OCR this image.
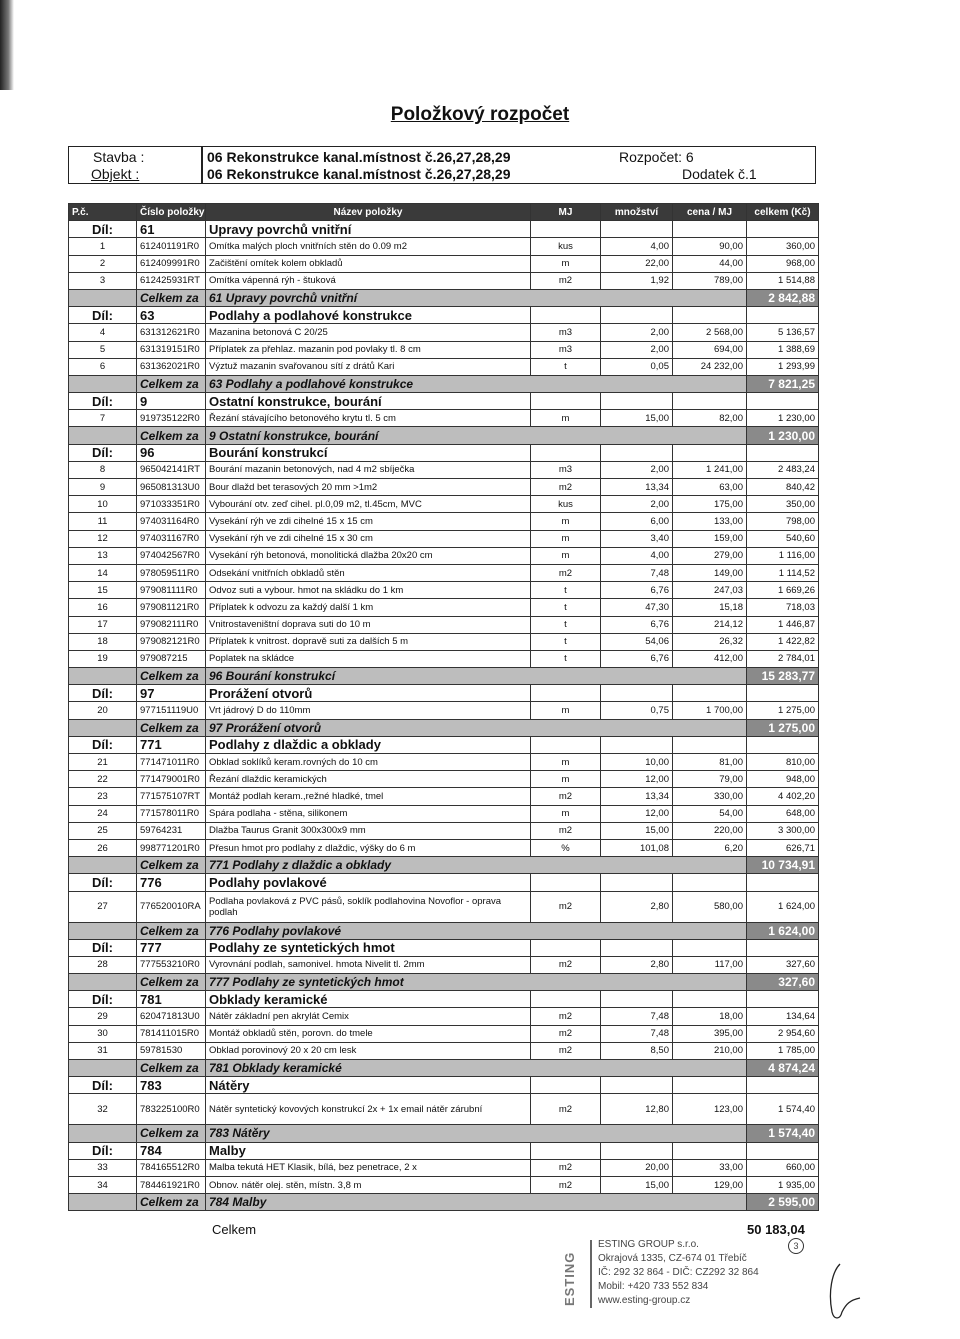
Položkový rozpočet
Stavba :	06 Rekonstrukce kanal.místnost č.26,27,28,29
Objekt :	06 Rekonstrukce kanal.místnost č.26,27,28,29
Rozpočet: 6
Dodatek č.1
P.č.	Číslo položky	Název položky	MJ	množství	cena / MJ	celkem (Kč)
Díl:	61	Upravy povrchů vnitřní				
1	612401191R0	Omítka malých ploch vnitřních stěn do 0.09 m2	kus	4,00	90,00	360,00
2	612409991R0	Začištění omítek kolem obkladů	m	22,00	44,00	968,00
3	612425931RT	Omítka vápenná rýh - štuková	m2	1,92	789,00	1 514,88
	Celkem za	61 Upravy povrchů vnitřní				2 842,88
Díl:	63	Podlahy a podlahové konstrukce				
4	631312621R0	Mazanina betonová C 20/25	m3	2,00	2 568,00	5 136,57
5	631319151R0	Příplatek za přehlaz. mazanin pod povlaky tl. 8 cm	m3	2,00	694,00	1 388,69
6	631362021R0	Výztuž mazanin svařovanou sítí z drátů Kari	t	0,05	24 232,00	1 293,99
	Celkem za	63 Podlahy a podlahové konstrukce				7 821,25
Díl:	9	Ostatní konstrukce, bourání				
7	919735122R0	Řezání stávajícího betonového krytu tl. 5 cm	m	15,00	82,00	1 230,00
	Celkem za	9 Ostatní konstrukce, bourání				1 230,00
Díl:	96	Bourání konstrukcí				
8	965042141RT	Bourání mazanin betonových, nad 4 m2 sbíječka	m3	2,00	1 241,00	2 483,24
9	965081313U0	Bour dlažd bet terasových 20 mm >1m2	m2	13,34	63,00	840,42
10	971033351R0	Vybourání otv. zeď cihel. pl.0,09 m2, tl.45cm, MVC	kus	2,00	175,00	350,00
11	974031164R0	Vysekání rýh ve zdi cihelné 15 x 15 cm	m	6,00	133,00	798,00
12	974031167R0	Vysekání rýh ve zdi cihelné 15 x 30 cm	m	3,40	159,00	540,60
13	974042567R0	Vysekání rýh betonová, monolitická dlažba 20x20 cm	m	4,00	279,00	1 116,00
14	978059511R0	Odsekání vnitřních obkladů stěn	m2	7,48	149,00	1 114,52
15	979081111R0	Odvoz suti a vybour. hmot na skládku do 1 km	t	6,76	247,03	1 669,26
16	979081121R0	Příplatek k odvozu za každý další 1 km	t	47,30	15,18	718,03
17	979082111R0	Vnitrostaveništní doprava suti do 10 m	t	6,76	214,12	1 446,87
18	979082121R0	Příplatek k vnitrost. dopravě suti za dalších 5 m	t	54,06	26,32	1 422,82
19	979087215	Poplatek na skládce	t	6,76	412,00	2 784,01
	Celkem za	96 Bourání konstrukcí				15 283,77
Díl:	97	Prorážení otvorů				
20	977151119U0	Vrt jádrový D do 110mm	m	0,75	1 700,00	1 275,00
	Celkem za	97 Prorážení otvorů				1 275,00
Díl:	771	Podlahy z dlaždic a obklady				
21	771471011R0	Obklad soklíků keram.rovných do 10 cm	m	10,00	81,00	810,00
22	771479001R0	Řezání dlaždic keramických	m	12,00	79,00	948,00
23	771575107RT	Montáž podlah keram.,režné hladké, tmel	m2	13,34	330,00	4 402,20
24	771578011R0	Spára podlaha - stěna, silikonem	m	12,00	54,00	648,00
25	59764231	Dlažba Taurus Granit 300x300x9 mm	m2	15,00	220,00	3 300,00
26	998771201R0	Přesun hmot pro podlahy z dlaždic, výšky do 6 m	%	101,08	6,20	626,71
	Celkem za	771 Podlahy z dlaždic a obklady				10 734,91
Díl:	776	Podlahy povlakové				
27	776520010RA	Podlaha povlaková z PVC pásů, soklík podlahovina Novoflor - oprava podlah	m2	2,80	580,00	1 624,00
	Celkem za	776 Podlahy povlakové				1 624,00
Díl:	777	Podlahy ze syntetických hmot				
28	777553210R0	Vyrovnání podlah, samonivel. hmota Nivelit tl. 2mm	m2	2,80	117,00	327,60
	Celkem za	777 Podlahy ze syntetických hmot				327,60
Díl:	781	Obklady keramické				
29	620471813U0	Nátěr základní pen akrylát Cemix	m2	7,48	18,00	134,64
30	781411015R0	Montáž obkladů stěn, porovn. do tmele	m2	7,48	395,00	2 954,60
31	59781530	Obklad porovinový 20 x 20 cm lesk	m2	8,50	210,00	1 785,00
	Celkem za	781 Obklady keramické				4 874,24
Díl:	783	Nátěry				
32	783225100R0	Nátěr syntetický kovových konstrukcí 2x + 1x email nátěr zárubní	m2	12,80	123,00	1 574,40
	Celkem za	783 Nátěry				1 574,40
Díl:	784	Malby				
33	784165512R0	Malba tekutá HET Klasik, bílá, bez penetrace, 2 x	m2	20,00	33,00	660,00
34	784461921R0	Obnov. nátěr olej. stěn, místn. 3,8 m	m2	15,00	129,00	1 935,00
	Celkem za	784 Malby				2 595,00
Celkem	50 183,04
ESTING
ESTING GROUP s.r.o.
Okrajová 1335, CZ-674 01 Třebíč
IČ: 292 32 864 - DIČ: CZ292 32 864
Mobil: +420 733 552 834
www.esting-group.cz
3
